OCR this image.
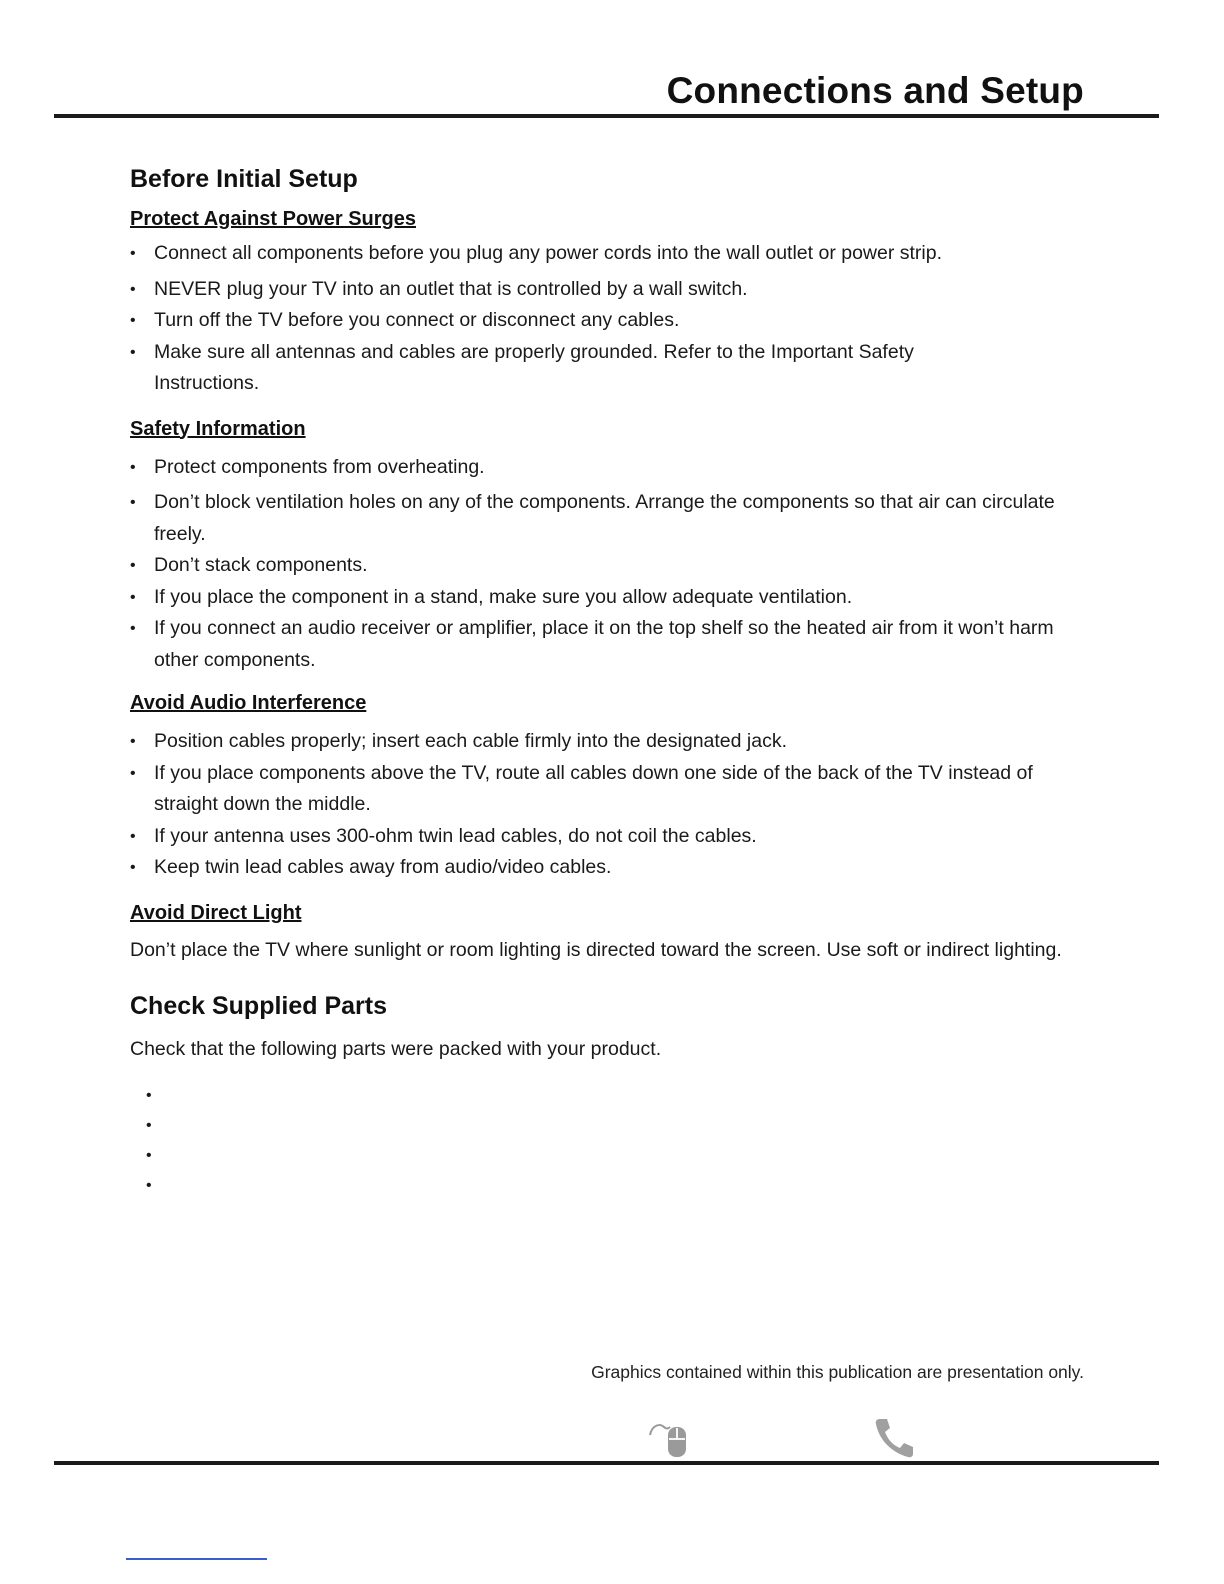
Connections and Setup
Before Initial Setup
Protect Against Power Surges
• Connect all components before you plug any power cords into the wall outlet or power strip.
• NEVER plug your TV into an outlet that is controlled by a wall switch.
• Turn off the TV before you connect or disconnect any cables.
• Make sure all antennas and cables are properly grounded. Refer to the Important Safety Instructions.
Safety Information
• Protect components from overheating.
• Don’t block ventilation holes on any of the components. Arrange the components so that air can circulate freely.
• Don’t stack components.
• If you place the component in a stand, make sure you allow adequate ventilation.
• If you connect an audio receiver or amplifier, place it on the top shelf so the heated air from it won’t harm other components.
Avoid Audio Interference
• Position cables properly; insert each cable firmly into the designated jack.
• If you place components above the TV, route all cables down one side of the back of the TV instead of straight down the middle.
• If your antenna uses 300-ohm twin lead cables, do not coil the cables.
• Keep twin lead cables away from audio/video cables.
Avoid Direct Light

Don’t place the TV where sunlight or room lighting is directed toward the screen. Use soft or indirect lighting.

Check Supplied Parts

Check that the following parts were packed with your product.

•
•
•
•
Graphics contained within this publication are presentation only.
